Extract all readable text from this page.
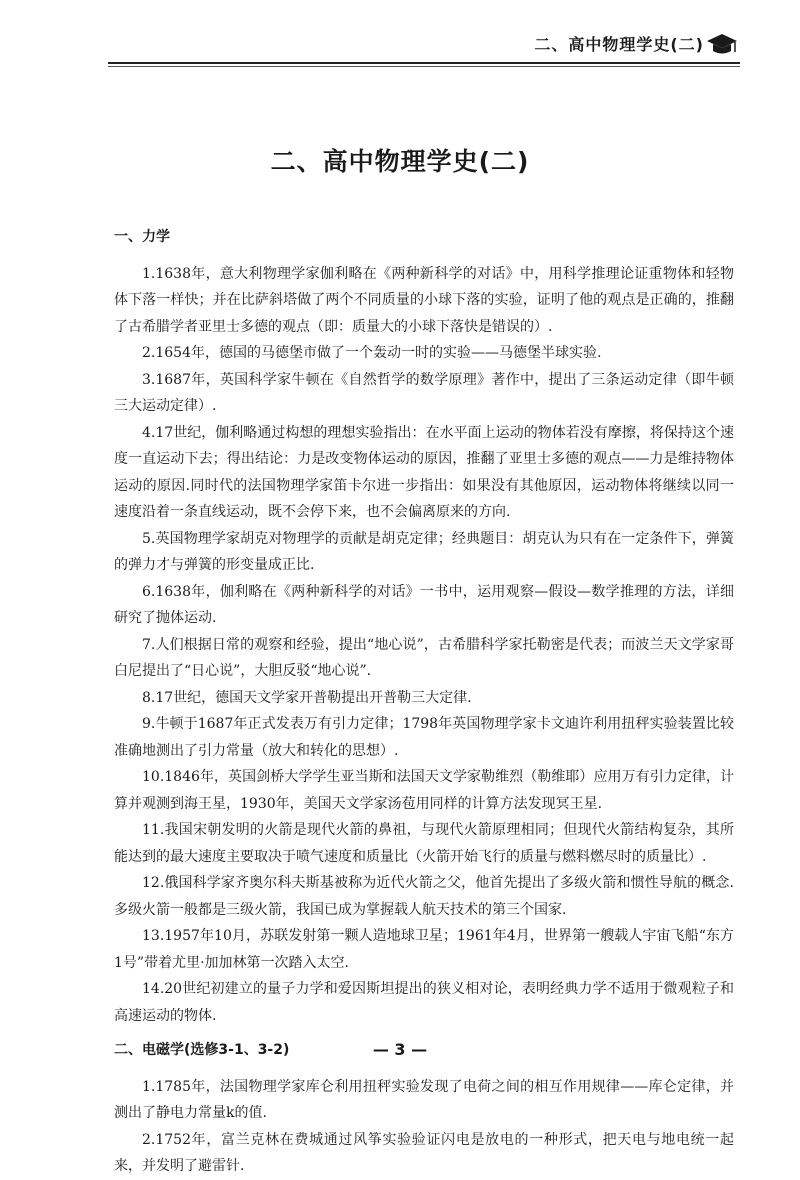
二、高中物理学史(二)
二、高中物理学史(二)
一、力学

1.1638年，意大利物理学家伽利略在《两种新科学的对话》中，用科学推理论证重物体和轻物体下落一样快；并在比萨斜塔做了两个不同质量的小球下落的实验，证明了他的观点是正确的，推翻了古希腊学者亚里士多德的观点（即：质量大的小球下落快是错误的）.

2.1654年，德国的马德堡市做了一个轰动一时的实验——马德堡半球实验.

3.1687年，英国科学家牛顿在《自然哲学的数学原理》著作中，提出了三条运动定律（即牛顿三大运动定律）.

4.17世纪，伽利略通过构想的理想实验指出：在水平面上运动的物体若没有摩擦，将保持这个速度一直运动下去；得出结论：力是改变物体运动的原因，推翻了亚里士多德的观点——力是维持物体运动的原因.同时代的法国物理学家笛卡尔进一步指出：如果没有其他原因，运动物体将继续以同一速度沿着一条直线运动，既不会停下来，也不会偏离原来的方向.

5.英国物理学家胡克对物理学的贡献是胡克定律；经典题目：胡克认为只有在一定条件下，弹簧的弹力才与弹簧的形变量成正比.

6.1638年，伽利略在《两种新科学的对话》一书中，运用观察—假设—数学推理的方法，详细研究了抛体运动.

7.人们根据日常的观察和经验，提出“地心说”，古希腊科学家托勒密是代表；而波兰天文学家哥白尼提出了“日心说”，大胆反驳“地心说”.

8.17世纪，德国天文学家开普勒提出开普勒三大定律.

9.牛顿于1687年正式发表万有引力定律；1798年英国物理学家卡文迪许利用扭秤实验装置比较准确地测出了引力常量（放大和转化的思想）.

10.1846年，英国剑桥大学学生亚当斯和法国天文学家勒维烈（勒维耶）应用万有引力定律，计算并观测到海王星，1930年，美国天文学家汤苞用同样的计算方法发现冥王星.

11.我国宋朝发明的火箭是现代火箭的鼻祖，与现代火箭原理相同；但现代火箭结构复杂，其所能达到的最大速度主要取决于喷气速度和质量比（火箭开始飞行的质量与燃料燃尽时的质量比）.

12.俄国科学家齐奥尔科夫斯基被称为近代火箭之父，他首先提出了多级火箭和惯性导航的概念.多级火箭一般都是三级火箭，我国已成为掌握载人航天技术的第三个国家.

13.1957年10月，苏联发射第一颗人造地球卫星；1961年4月，世界第一艘载人宇宙飞船“东方1号”带着尤里·加加林第一次踏入太空.

14.20世纪初建立的量子力学和爱因斯坦提出的狭义相对论，表明经典力学不适用于微观粒子和高速运动的物体.

二、电磁学(选修3-1、3-2)

1.1785年，法国物理学家库仑利用扭秤实验发现了电荷之间的相互作用规律——库仑定律，并测出了静电力常量k的值.

2.1752年，富兰克林在费城通过风筝实验验证闪电是放电的一种形式，把天电与地电统一起来，并发明了避雷针.

— 3 —
